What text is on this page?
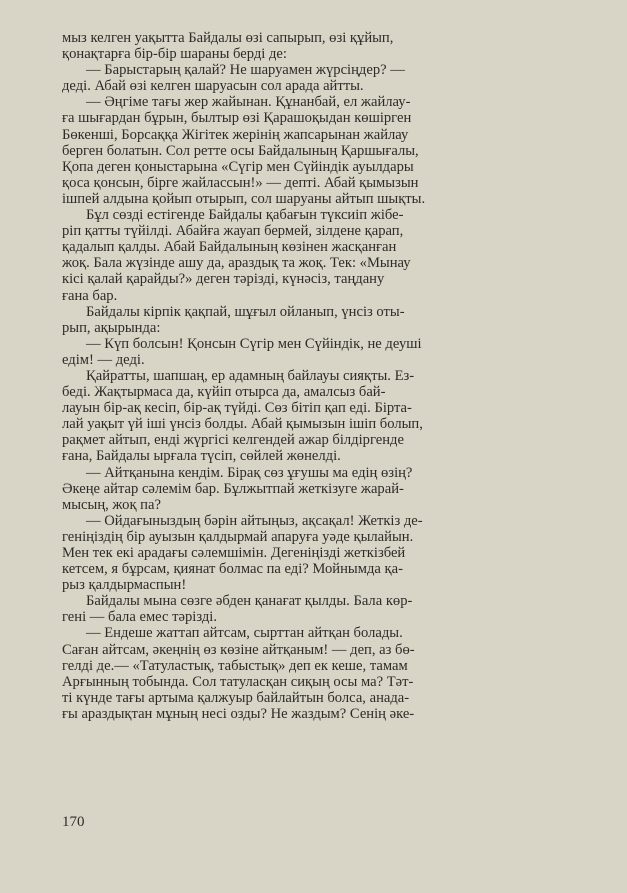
мыз келген уақытта Байдалы өзі сапырып, өзі құйып,
қонақтарға бір-бір шараны берді де:
— Барыстарың қалай? Не шаруамен жүрсіңдер? —
деді. Абай өзі келген шаруасын сол арада айтты.
— Әңгіме тағы жер жайынан. Құнанбай, ел жайлау-
ға шығардан бұрын, былтыр өзі Қарашоқыдан көшірген
Бөкенші, Борсаққа Жігітек жерінің жапсарынан жайлау
берген болатын. Сол ретте осы Байдалының Қаршығалы,
Қопа деген қоныстарына «Сүгір мен Сүйіндік ауылдары
қоса қонсын, бірге жайлассын!» — депті. Абай қымызын
ішпей алдына қойып отырып, сол шаруаны айтып шықты.
Бұл сөзді естігенде Байдалы қабағын түксиіп жібе-
ріп қатты түйілді. Абайға жауап бермей, зілдене қарап,
қадалып қалды. Абай Байдалының көзінен жасқанған
жоқ. Бала жүзінде ашу да, араздық та жоқ. Тек: «Мынау
кісі қалай қарайды?» деген тәрізді, күнәсіз, таңдану
ғана бар.
Байдалы кірпік қақпай, шұғыл ойланып, үнсіз оты-
рып, ақырында:
— Күп болсын! Қонсын Сүгір мен Сүйіндік, не деуші
едім! — деді.
Қайратты, шапшаң, ер адамның байлауы сияқты. Ез-
беді. Жақтырмаса да, күйіп отырса да, амалсыз бай-
лауын бір-ақ кесіп, бір-ақ түйді. Сөз бітіп қап еді. Бірта-
лай уақыт үй іші үнсіз болды. Абай қымызын ішіп болып,
рақмет айтып, енді жүргісі келгендей ажар білдіргенде
ғана, Байдалы ырғала түсіп, сөйлей жөнелді.
— Айтқанына кендім. Бірақ сөз ұғушы ма едің өзің?
Әкеңе айтар сәлемім бар. Бұлжытпай жеткізуге жарай-
мысың, жоқ па?
— Ойдағыныздың бәрін айтыңыз, ақсақал! Жеткіз де-
геніңіздің бір ауызын қалдырмай апаруға уәде қылайын.
Мен тек екі арадағы сәлемшімін. Дегеніңізді жеткізбей
кетсем, я бұрсам, қиянат болмас па еді? Мойнымда қа-
рыз қалдырмаспын!
Байдалы мына сөзге әбден қанағат қылды. Бала көр-
гені — бала емес тәрізді.
— Ендеше жаттап айтсам, сырттан айтқан болады.
Саған айтсам, әкеңнің өз көзіне айтқаным! — деп, аз бө-
гелді де.— «Татуластық, табыстық» деп ек кеше, тамам
Арғынның тобында. Сол татуласқан сиқың осы ма? Тәт-
ті күнде тағы артыма қалжуыр байлайтын болса, анада-
ғы араздықтан мұның несі озды? Не жаздым? Сенің әке-
170
